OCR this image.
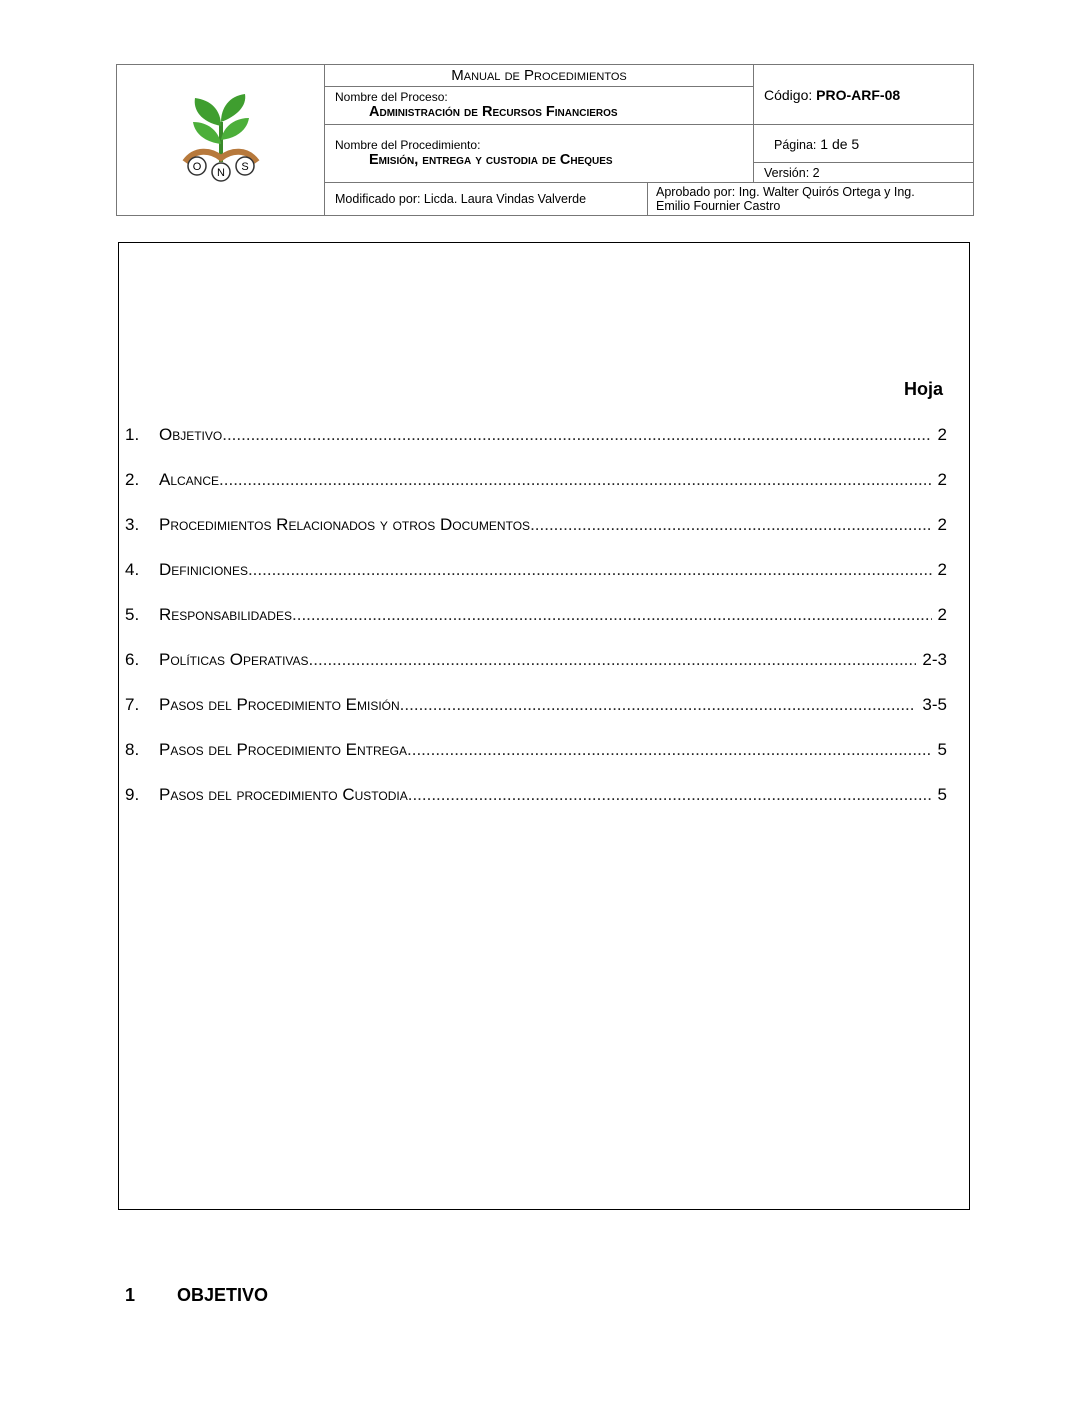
O N S	Manual de Procedimientos		Código: PRO-ARF-08

	Nombre del Proceso:
Administración de Recursos Financieros		

	Nombre del Procedimiento:
Emisión, entrega y custodia de Cheques		Página: 1 de 5
			Versión: 2
	Modificado por: Licda. Laura Vindas Valverde	Aprobado por: Ing. Walter Quirós Ortega y Ing.
Emilio Fournier Castro	
Hoja
1.	Objetivo .....	2
2.	Alcance .....	2
3.	Procedimientos Relacionados y otros Documentos .....	2
4.	Definiciones .....	2
5.	Responsabilidades .....	2
6.	Políticas Operativas .....	2-3
7.	Pasos del Procedimiento Emisión .....	3-5
8.	Pasos del Procedimiento Entrega .....	5
9.	Pasos del procedimiento Custodia .....	5
1 OBJETIVO
